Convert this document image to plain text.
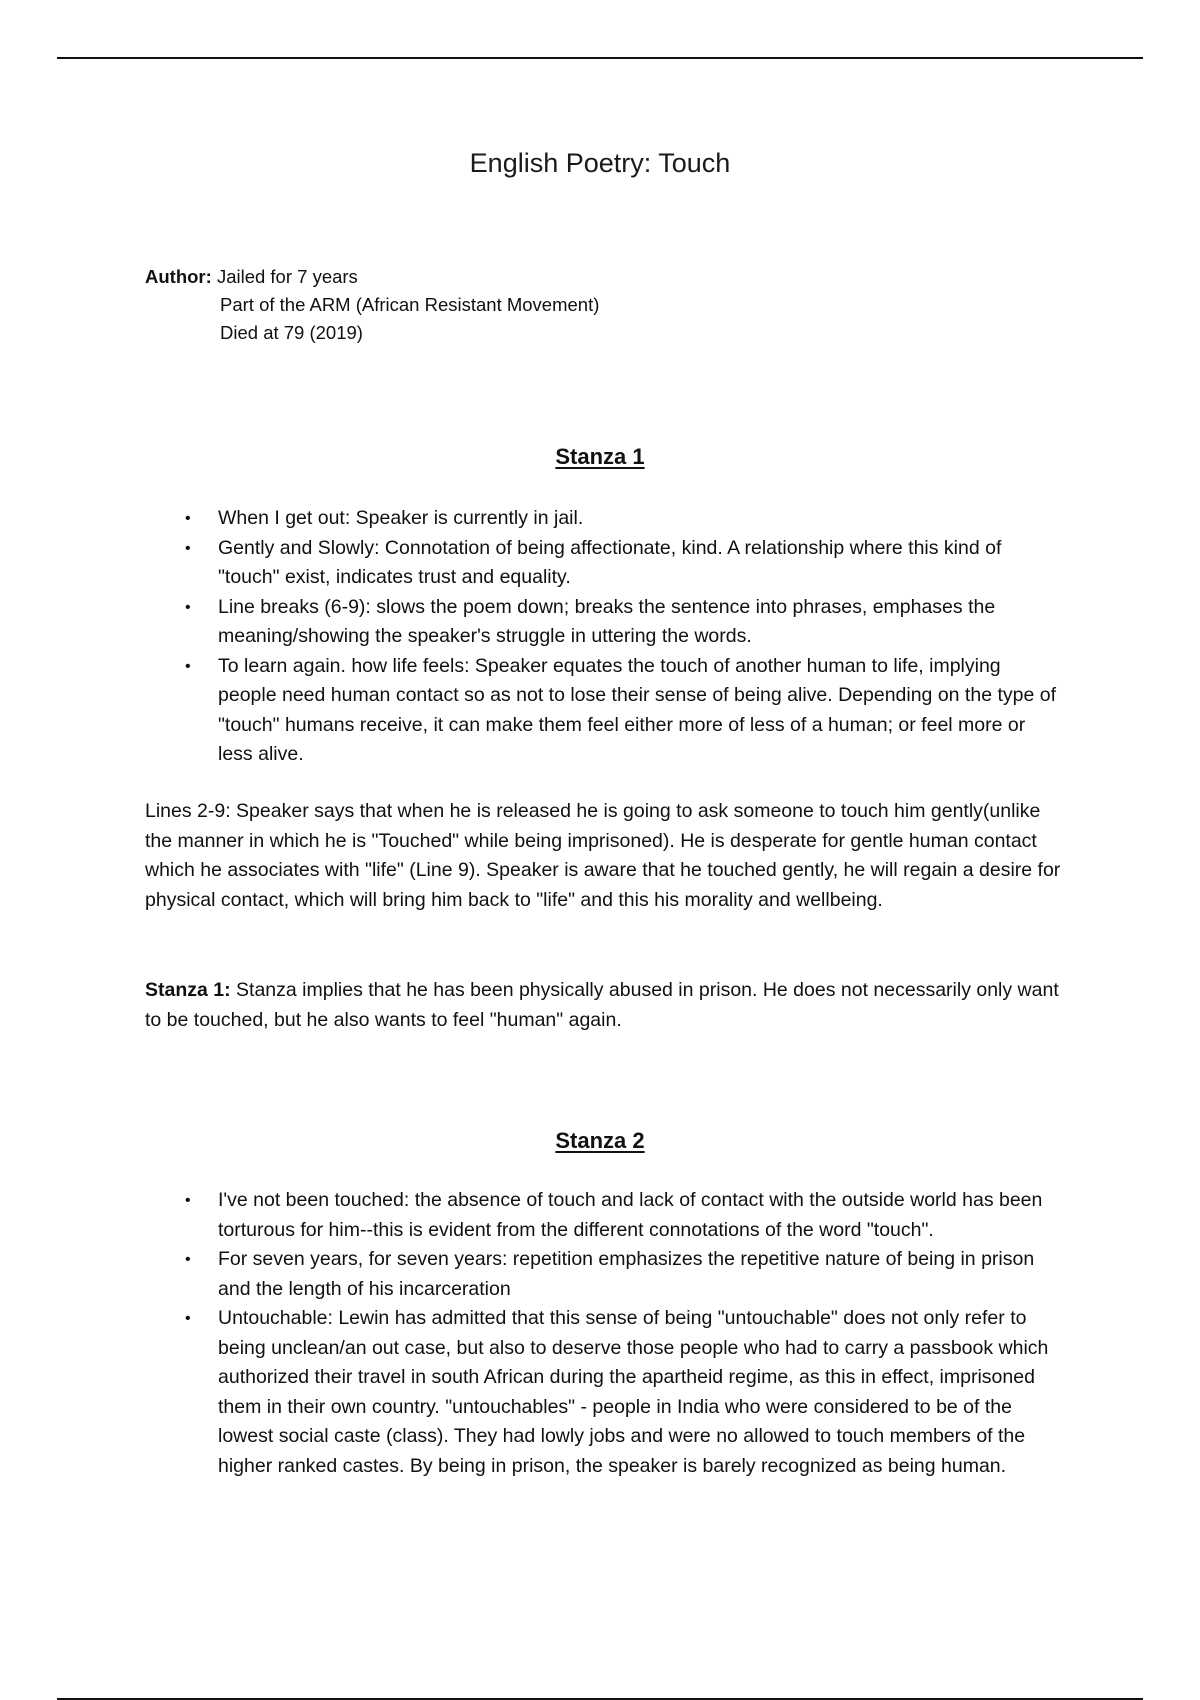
English Poetry: Touch
Author: Jailed for 7 years
Part of the ARM (African Resistant Movement)
Died at 79 (2019)
Stanza 1
• When I get out: Speaker is currently in jail.
• Gently and Slowly: Connotation of being affectionate, kind. A relationship where this kind of "touch" exist, indicates trust and equality.
• Line breaks (6-9): slows the poem down; breaks the sentence into phrases, emphases the meaning/showing the speaker's struggle in uttering the words.
• To learn again. how life feels: Speaker equates the touch of another human to life, implying people need human contact so as not to lose their sense of being alive. Depending on the type of "touch" humans receive, it can make them feel either more of less of a human; or feel more or less alive.

Lines 2-9: Speaker says that when he is released he is going to ask someone to touch him gently(unlike the manner in which he is "Touched" while being imprisoned). He is desperate for gentle human contact which he associates with "life" (Line 9). Speaker is aware that he touched gently, he will regain a desire for physical contact, which will bring him back to "life" and this his morality and wellbeing.

Stanza 1: Stanza implies that he has been physically abused in prison. He does not necessarily only want to be touched, but he also wants to feel "human" again.

Stanza 2
• I've not been touched: the absence of touch and lack of contact with the outside world has been torturous for him--this is evident from the different connotations of the word "touch".
• For seven years, for seven years: repetition emphasizes the repetitive nature of being in prison and the length of his incarceration
• Untouchable: Lewin has admitted that this sense of being "untouchable" does not only refer to being unclean/an out case, but also to deserve those people who had to carry a passbook which authorized their travel in south African during the apartheid regime, as this in effect, imprisoned them in their own country. "untouchables" - people in India who were considered to be of the lowest social caste (class). They had lowly jobs and were no allowed to touch members of the higher ranked castes. By being in prison, the speaker is barely recognized as being human.
